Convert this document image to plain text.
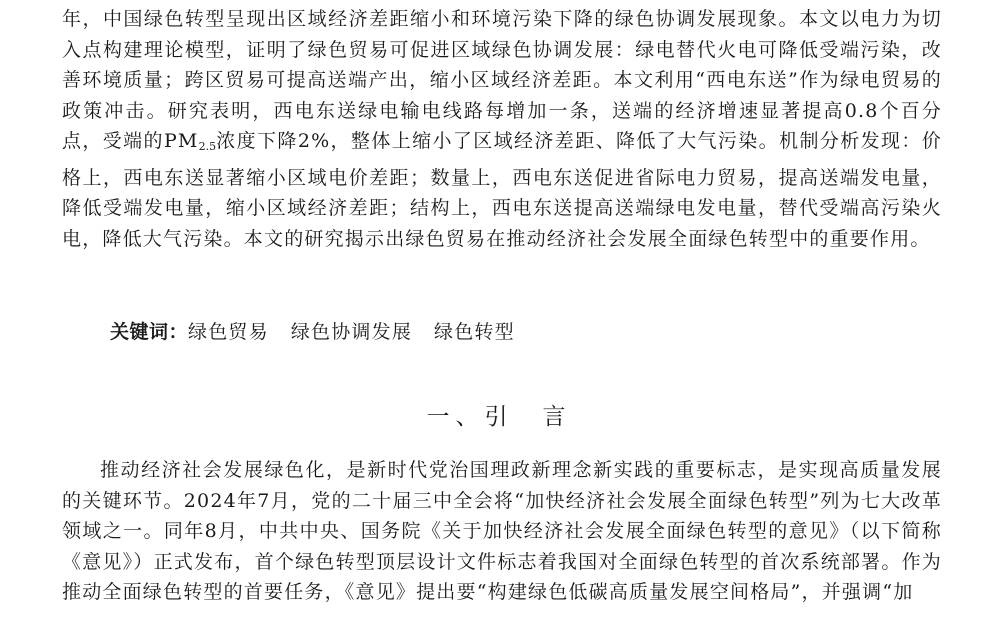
年，中国绿色转型呈现出区域经济差距缩小和环境污染下降的绿色协调发展现象。本文以电力为切入点构建理论模型，证明了绿色贸易可促进区域绿色协调发展：绿电替代火电可降低受端污染，改善环境质量；跨区贸易可提高送端产出，缩小区域经济差距。本文利用“西电东送”作为绿电贸易的政策冲击。研究表明，西电东送绿电输电线路每增加一条，送端的经济增速显著提高0.8个百分点，受端的$PM_{2.5}$浓度下降2%，整体上缩小了区域经济差距、降低了大气污染。机制分析发现：价格上，西电东送显著缩小区域电价差距；数量上，西电东送促进省际电力贸易，提高送端发电量，降低受端发电量，缩小区域经济差距；结构上，西电东送提高送端绿电发电量，替代受端高污染火电，降低大气污染。本文的研究揭示出绿色贸易在推动经济社会发展全面绿色转型中的重要作用。

关键词：绿色贸易 绿色协调发展 绿色转型
一、引　言

推动经济社会发展绿色化，是新时代党治国理政新理念新实践的重要标志，是实现高质量发展的关键环节。2024年7月，党的二十届三中全会将“加快经济社会发展全面绿色转型”列为七大改革领域之一。同年8月，中共中央、国务院《关于加快经济社会发展全面绿色转型的意见》（以下简称《意见》）正式发布，首个绿色转型顶层设计文件标志着我国对全面绿色转型的首次系统部署。作为推动全面绿色转型的首要任务，《意见》提出要“构建绿色低碳高质量发展空间格局”，并强调“加
